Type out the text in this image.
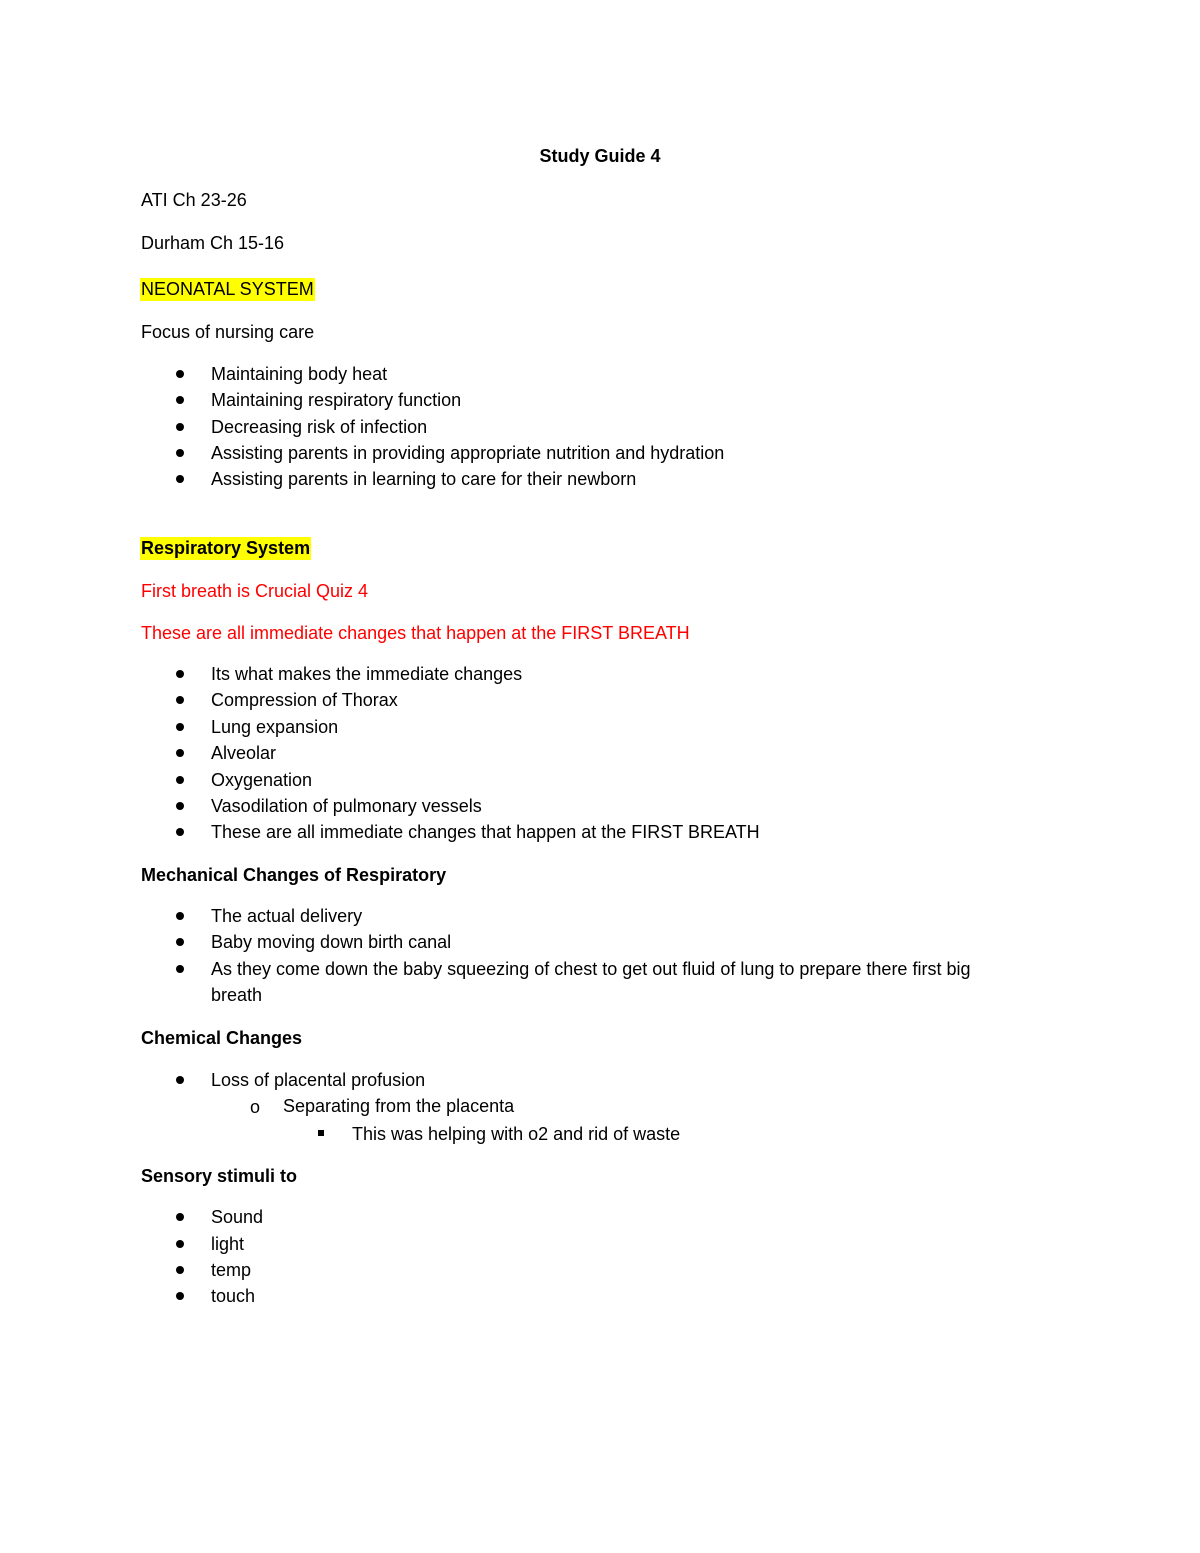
Study Guide 4
ATI Ch 23-26
Durham Ch 15-16
NEONATAL SYSTEM
Focus of nursing care
Maintaining body heat
Maintaining respiratory function
Decreasing risk of infection
Assisting parents in providing appropriate nutrition and hydration
Assisting parents in learning to care for their newborn
Respiratory System
First breath is Crucial Quiz 4
These are all immediate changes that happen at the FIRST BREATH
Its what makes the immediate changes
Compression of Thorax
Lung expansion
Alveolar
Oxygenation
Vasodilation of pulmonary vessels
These are all immediate changes that happen at the FIRST BREATH
Mechanical Changes of Respiratory
The actual delivery
Baby moving down birth canal
As they come down the baby squeezing of chest to get out fluid of lung to prepare there first big
breath
Chemical Changes
Loss of placental profusion
o Separating from the placenta
This was helping with o2 and rid of waste
Sensory stimuli to
Sound
light
temp
touch
